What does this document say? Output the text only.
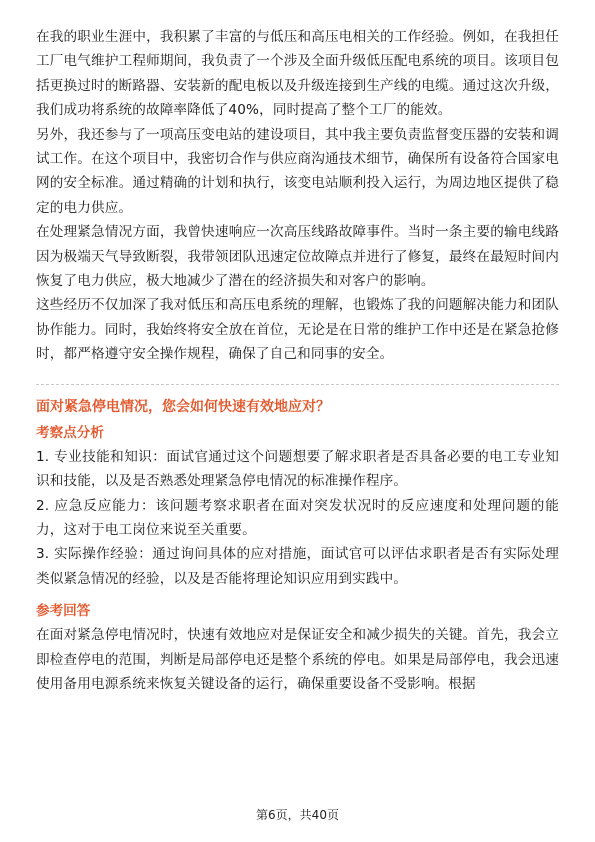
在我的职业生涯中，我积累了丰富的与低压和高压电相关的工作经验。例如，在我担任工厂电气维护工程师期间，我负责了一个涉及全面升级低压配电系统的项目。该项目包括更换过时的断路器、安装新的配电板以及升级连接到生产线的电缆。通过这次升级，我们成功将系统的故障率降低了40%，同时提高了整个工厂的能效。

另外，我还参与了一项高压变电站的建设项目，其中我主要负责监督变压器的安装和调试工作。在这个项目中，我密切合作与供应商沟通技术细节，确保所有设备符合国家电网的安全标准。通过精确的计划和执行，该变电站顺利投入运行，为周边地区提供了稳定的电力供应。

在处理紧急情况方面，我曾快速响应一次高压线路故障事件。当时一条主要的输电线路因为极端天气导致断裂，我带领团队迅速定位故障点并进行了修复，最终在最短时间内恢复了电力供应，极大地减少了潜在的经济损失和对客户的影响。

这些经历不仅加深了我对低压和高压电系统的理解，也锻炼了我的问题解决能力和团队协作能力。同时，我始终将安全放在首位，无论是在日常的维护工作中还是在紧急抢修时，都严格遵守安全操作规程，确保了自己和同事的安全。

面对紧急停电情况，您会如何快速有效地应对？
考察点分析

1. 专业技能和知识：面试官通过这个问题想要了解求职者是否具备必要的电工专业知识和技能，以及是否熟悉处理紧急停电情况的标准操作程序。

2. 应急反应能力：该问题考察求职者在面对突发状况时的反应速度和处理问题的能力，这对于电工岗位来说至关重要。

3. 实际操作经验：通过询问具体的应对措施，面试官可以评估求职者是否有实际处理类似紧急情况的经验，以及是否能将理论知识应用到实践中。

参考回答

在面对紧急停电情况时，快速有效地应对是保证安全和减少损失的关键。首先，我会立即检查停电的范围，判断是局部停电还是整个系统的停电。如果是局部停电，我会迅速使用备用电源系统来恢复关键设备的运行，确保重要设备不受影响。根据

第6页，共40页
